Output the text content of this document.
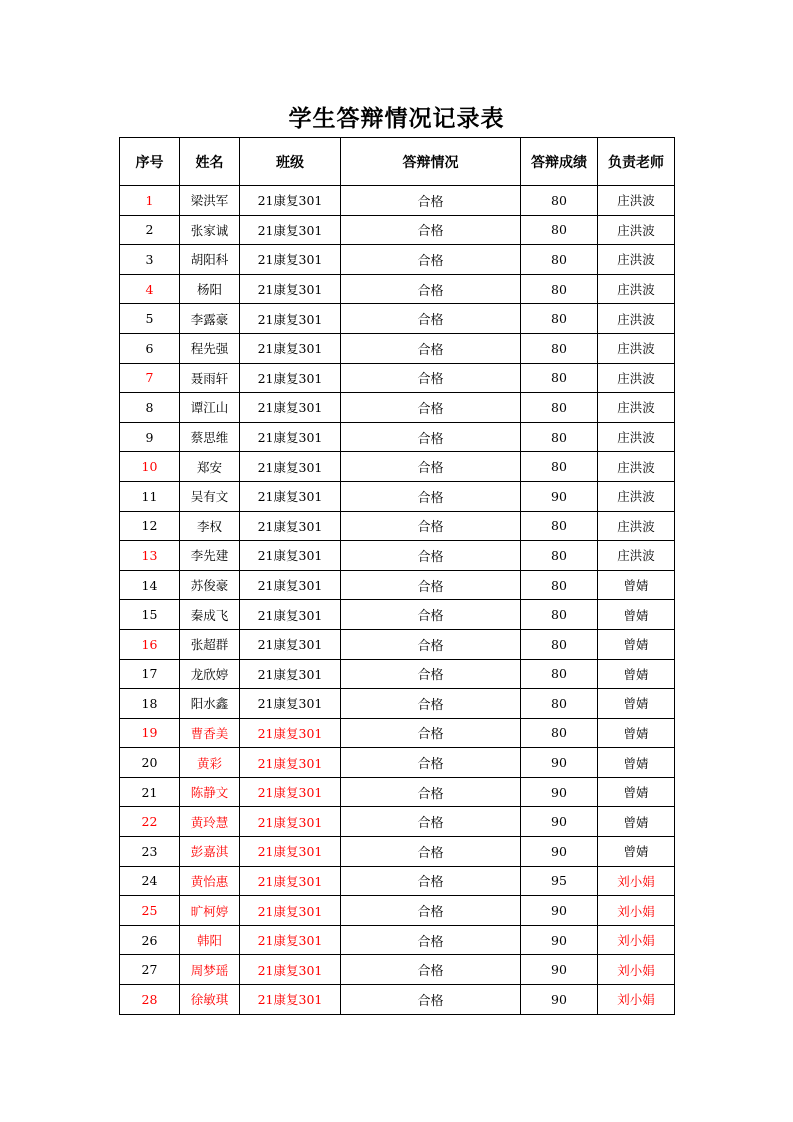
学生答辩情况记录表
序号	姓名	班级	答辩情况	答辩成绩	负责老师
1	梁洪军	21康复301	合格	80	庄洪波
2	张家诚	21康复301	合格	80	庄洪波
3	胡阳科	21康复301	合格	80	庄洪波
4	杨阳	21康复301	合格	80	庄洪波
5	李露豪	21康复301	合格	80	庄洪波
6	程先强	21康复301	合格	80	庄洪波
7	聂雨轩	21康复301	合格	80	庄洪波
8	谭江山	21康复301	合格	80	庄洪波
9	蔡思维	21康复301	合格	80	庄洪波
10	郑安	21康复301	合格	80	庄洪波
11	吴有文	21康复301	合格	90	庄洪波
12	李权	21康复301	合格	80	庄洪波
13	李先建	21康复301	合格	80	庄洪波
14	苏俊豪	21康复301	合格	80	曾婧
15	秦成飞	21康复301	合格	80	曾婧
16	张超群	21康复301	合格	80	曾婧
17	龙欣婷	21康复301	合格	80	曾婧
18	阳水鑫	21康复301	合格	80	曾婧
19	曹香美	21康复301	合格	80	曾婧
20	黄彩	21康复301	合格	90	曾婧
21	陈静文	21康复301	合格	90	曾婧
22	黄玲慧	21康复301	合格	90	曾婧
23	彭嘉淇	21康复301	合格	90	曾婧
24	黄怡惠	21康复301	合格	95	刘小娟
25	旷柯婷	21康复301	合格	90	刘小娟
26	韩阳	21康复301	合格	90	刘小娟
27	周梦瑶	21康复301	合格	90	刘小娟
28	徐敏琪	21康复301	合格	90	刘小娟
